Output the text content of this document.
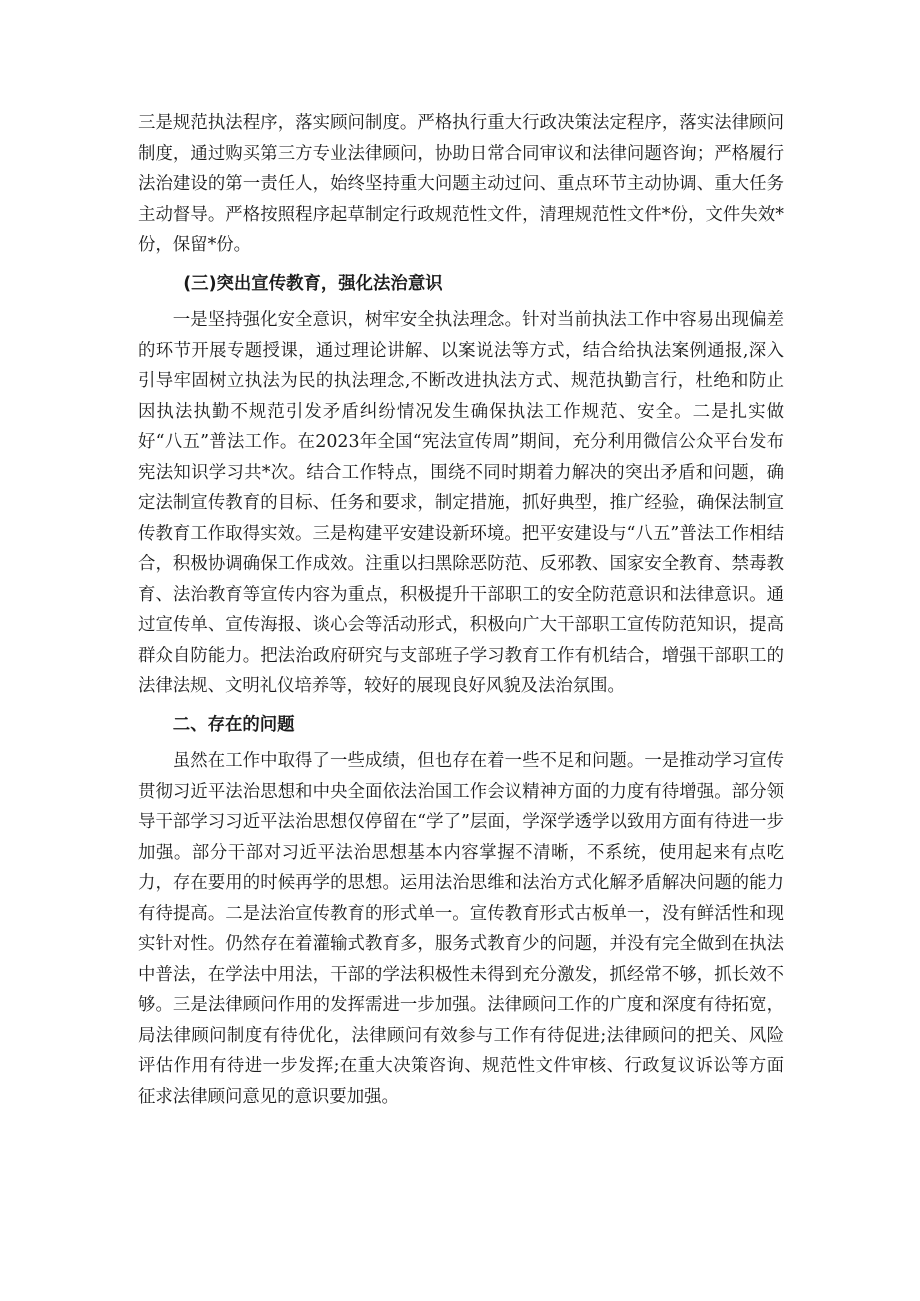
三是规范执法程序，落实顾问制度。严格执行重大行政决策法定程序，落实法律顾问制度，通过购买第三方专业法律顾问，协助日常合同审议和法律问题咨询；严格履行法治建设的第一责任人，始终坚持重大问题主动过问、重点环节主动协调、重大任务主动督导。严格按照程序起草制定行政规范性文件，清理规范性文件*份，文件失效*份，保留*份。

(三)突出宣传教育，强化法治意识

一是坚持强化安全意识，树牢安全执法理念。针对当前执法工作中容易出现偏差的环节开展专题授课，通过理论讲解、以案说法等方式，结合给执法案例通报,深入引导牢固树立执法为民的执法理念,不断改进执法方式、规范执勤言行，杜绝和防止因执法执勤不规范引发矛盾纠纷情况发生确保执法工作规范、安全。二是扎实做好“八五”普法工作。在2023年全国“宪法宣传周”期间，充分利用微信公众平台发布宪法知识学习共*次。结合工作特点，围绕不同时期着力解决的突出矛盾和问题，确定法制宣传教育的目标、任务和要求，制定措施，抓好典型，推广经验，确保法制宣传教育工作取得实效。三是构建平安建设新环境。把平安建设与“八五”普法工作相结合，积极协调确保工作成效。注重以扫黑除恶防范、反邪教、国家安全教育、禁毒教育、法治教育等宣传内容为重点，积极提升干部职工的安全防范意识和法律意识。通过宣传单、宣传海报、谈心会等活动形式，积极向广大干部职工宣传防范知识，提高群众自防能力。把法治政府研究与支部班子学习教育工作有机结合，增强干部职工的法律法规、文明礼仪培养等，较好的展现良好风貌及法治氛围。

二、存在的问题

虽然在工作中取得了一些成绩，但也存在着一些不足和问题。一是推动学习宣传贯彻习近平法治思想和中央全面依法治国工作会议精神方面的力度有待增强。部分领导干部学习习近平法治思想仅停留在“学了”层面，学深学透学以致用方面有待进一步加强。部分干部对习近平法治思想基本内容掌握不清晰，不系统，使用起来有点吃力，存在要用的时候再学的思想。运用法治思维和法治方式化解矛盾解决问题的能力有待提高。二是法治宣传教育的形式单一。宣传教育形式古板单一，没有鲜活性和现实针对性。仍然存在着灌输式教育多，服务式教育少的问题，并没有完全做到在执法中普法，在学法中用法，干部的学法积极性未得到充分激发，抓经常不够，抓长效不够。三是法律顾问作用的发挥需进一步加强。法律顾问工作的广度和深度有待拓宽，局法律顾问制度有待优化，法律顾问有效参与工作有待促进;法律顾问的把关、风险评估作用有待进一步发挥;在重大决策咨询、规范性文件审核、行政复议诉讼等方面征求法律顾问意见的意识要加强。
